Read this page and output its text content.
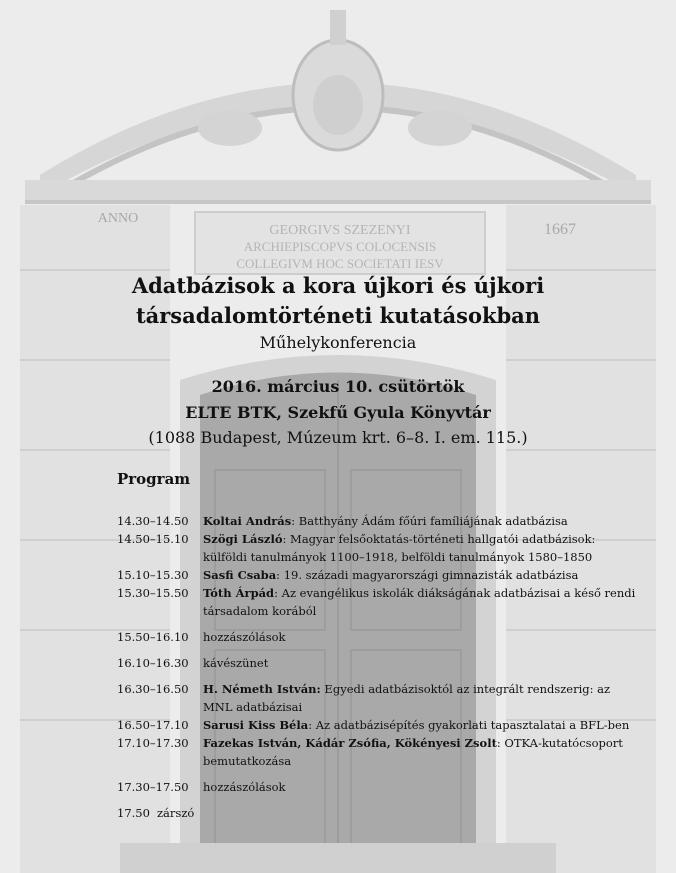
ANNO
1667
GEORGIVS SZEZENYI
ARCHIEPISCOPVS COLOCENSIS
COLLEGIVM HOC SOCIETATI IESV
Adatbázisok a kora újkori és újkori
társadalomtörténeti kutatásokban
Műhelykonferencia
2016. március 10. csütörtök
ELTE BTK, Szekfű Gyula Könyvtár
(1088 Budapest, Múzeum krt. 6–8. I. em. 115.)
Program
14.30–14.50	Koltai András: Batthyány Ádám főúri famíliájának adatbázisa
14.50–15.10	Szögi László: Magyar felsőoktatás-történeti hallgatói adatbázisok: külföldi tanulmányok 1100–1918, belföldi tanulmányok 1580–1850
15.10–15.30	Sasfi Csaba: 19. századi magyarországi gimnazisták adatbázisa
15.30–15.50	Tóth Árpád: Az evangélikus iskolák diákságának adatbázisai a késő rendi társadalom korából
15.50–16.10	hozzászólások
16.10–16.30	kávészünet
16.30–16.50	H. Németh István: Egyedi adatbázisoktól az integrált rendszerig: az MNL adatbázisai
16.50–17.10	Sarusi Kiss Béla: Az adatbázisépítés gyakorlati tapasztalatai a BFL-ben
17.10–17.30	Fazekas István, Kádár Zsófia, Kökényesi Zsolt: OTKA-kutatócsoport bemutatkozása
17.30–17.50	hozzászólások
17.50 zárszó
